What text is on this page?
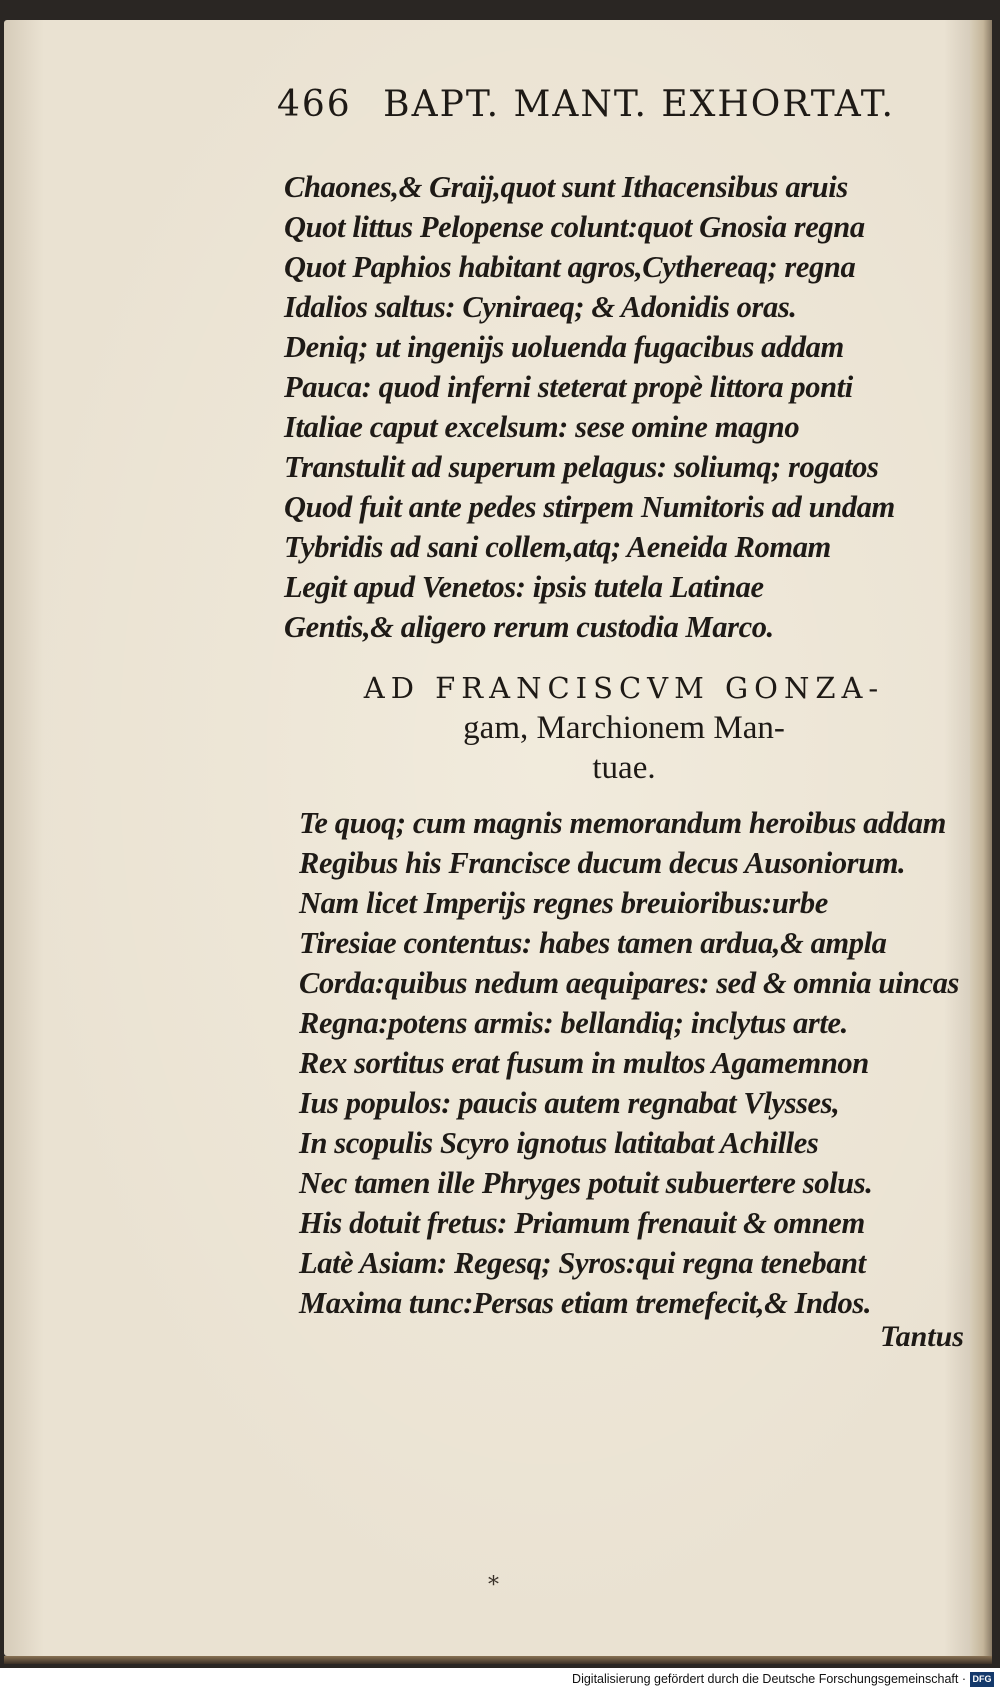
466 BAPT. MANT. EXHORTAT.
Chaones,& Graij,quot sunt Ithacensibus aruis
Quot littus Pelopense colunt:quot Gnosia regna
Quot Paphios habitant agros,Cythereaq; regna
Idalios saltus: Cyniraeq; & Adonidis oras.
Deniq; ut ingenijs uoluenda fugacibus addam
Pauca: quod inferni steterat propè littora ponti
Italiae caput excelsum: sese omine magno
Transtulit ad superum pelagus: soliumq; rogatos
Quod fuit ante pedes stirpem Numitoris ad undam
Tybridis ad sani collem,atq; Aeneida Romam
Legit apud Venetos: ipsis tutela Latinae
Gentis,& aligero rerum custodia Marco.
AD FRANCISCVM GONZA-
gam, Marchionem Man-
tuae.
Te quoq; cum magnis memorandum heroibus addam
Regibus his Francisce ducum decus Ausoniorum.
Nam licet Imperijs regnes breuioribus:urbe
Tiresiae contentus: habes tamen ardua,& ampla
Corda:quibus nedum aequipares: sed & omnia uincas
Regna:potens armis: bellandiq; inclytus arte.
Rex sortitus erat fusum in multos Agamemnon
Ius populos: paucis autem regnabat Vlysses,
In scopulis Scyro ignotus latitabat Achilles
Nec tamen ille Phryges potuit subuertere solus.
His dotuit fretus: Priamum frenauit & omnem
Latè Asiam: Regesq; Syros:qui regna tenebant
Maxima tunc:Persas etiam tremefecit,& Indos.
Tantus
*
Digitalisierung gefördert durch die Deutsche Forschungsgemeinschaft · DFG
